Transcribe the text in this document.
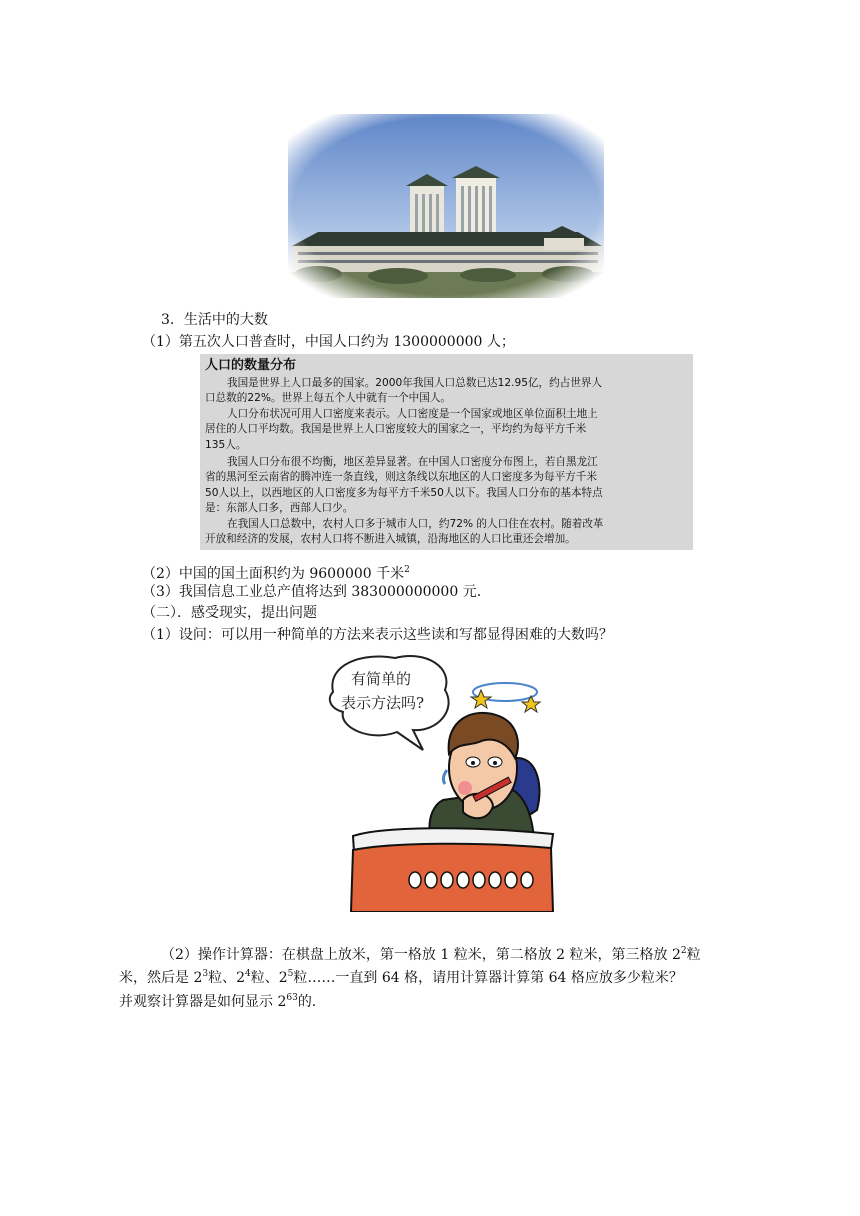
3．生活中的大数
（1）第五次人口普查时，中国人口约为 1300000000 人；
人口的数量分布
我国是世界上人口最多的国家。2000年我国人口总数已达12.95亿，约占世界人
口总数的22%。世界上每五个人中就有一个中国人。
人口分布状况可用人口密度来表示。人口密度是一个国家或地区单位面积土地上
居住的人口平均数。我国是世界上人口密度较大的国家之一，平均约为每平方千米
135人。
我国人口分布很不均衡，地区差异显著。在中国人口密度分布图上，若自黑龙江
省的黑河至云南省的腾冲连一条直线，则这条线以东地区的人口密度多为每平方千米
50人以上，以西地区的人口密度多为每平方千米50人以下。我国人口分布的基本特点
是：东部人口多，西部人口少。
在我国人口总数中，农村人口多于城市人口，约72% 的人口住在农村。随着改革
开放和经济的发展，农村人口将不断进入城镇，沿海地区的人口比重还会增加。
（2）中国的国土面积约为 9600000 千米$^2$
（3）我国信息工业总产值将达到 383000000000 元.
（二）．感受现实，提出问题
（1）设问：可以用一种简单的方法来表示这些读和写都显得困难的大数吗？
有简单的
表示方法吗?
（2）操作计算器：在棋盘上放米，第一格放 1 粒米，第二格放 2 粒米，第三格放 $2^2$粒
米，然后是 $2^3$粒、$2^4$粒、$2^5$粒……一直到 64 格，请用计算器计算第 64 格应放多少粒米？
并观察计算器是如何显示 $2^{63}$的.
